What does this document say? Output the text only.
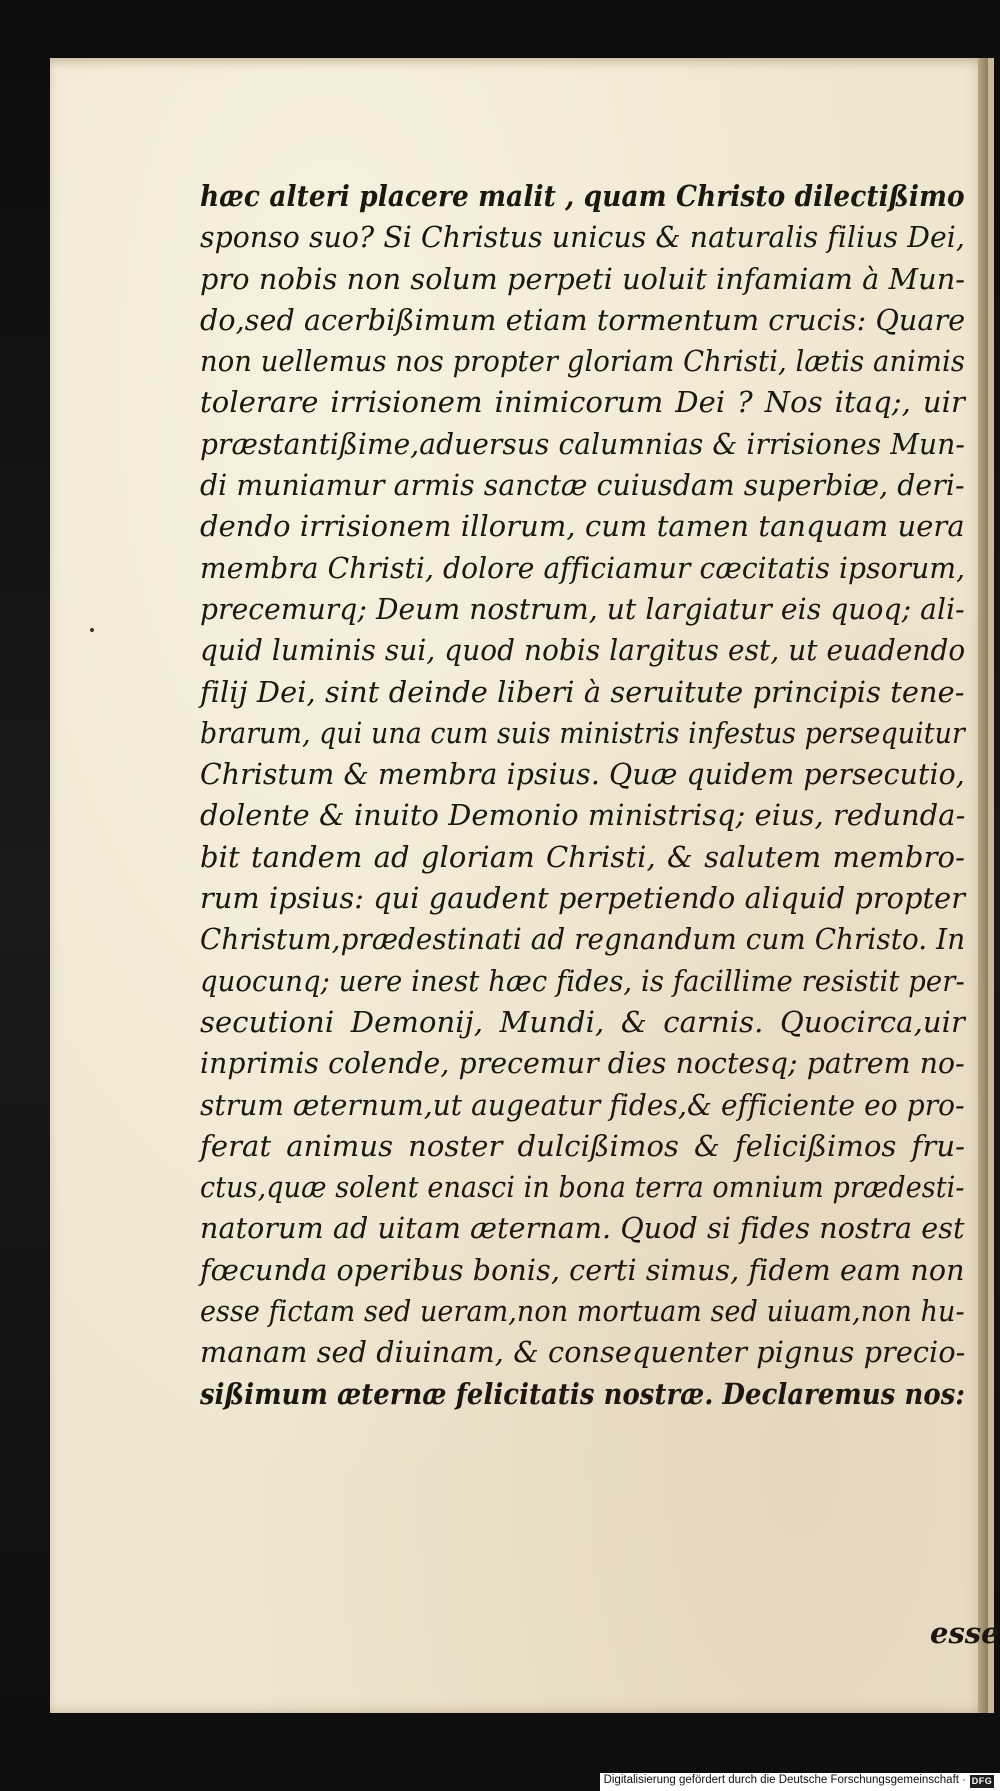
hæc alteri placere malit , quam Christo dilectißimo
sponso suo? Si Christus unicus & naturalis filius Dei,
pro nobis non solum perpeti uoluit infamiam à Mun-
do,sed acerbißimum etiam tormentum crucis: Quare
non uellemus nos propter gloriam Christi, lætis animis
tolerare irrisionem inimicorum Dei ? Nos itaq;, uir
præstantißime,aduersus calumnias & irrisiones Mun-
di muniamur armis sanctæ cuiusdam superbiæ, deri-
dendo irrisionem illorum, cum tamen tanquam uera
membra Christi, dolore afficiamur cæcitatis ipsorum,
precemurq; Deum nostrum, ut largiatur eis quoq; ali-
quid luminis sui, quod nobis largitus est, ut euadendo
filij Dei, sint deinde liberi à seruitute principis tene-
brarum, qui una cum suis ministris infestus persequitur
Christum & membra ipsius. Quæ quidem persecutio,
dolente & inuito Demonio ministrisq; eius, redunda-
bit tandem ad gloriam Christi, & salutem membro-
rum ipsius: qui gaudent perpetiendo aliquid propter
Christum,prædestinati ad regnandum cum Christo. In
quocunq; uere inest hæc fides, is facillime resistit per-
secutioni Demonij, Mundi, & carnis. Quocirca,uir
inprimis colende, precemur dies noctesq; patrem no-
strum æternum,ut augeatur fides,& efficiente eo pro-
ferat animus noster dulcißimos & felicißimos fru-
ctus,quæ solent enasci in bona terra omnium prædesti-
natorum ad uitam æternam. Quod si fides nostra est
fœcunda operibus bonis, certi simus, fidem eam non
esse fictam sed ueram,non mortuam sed uiuam,non hu-
manam sed diuinam, & consequenter pignus precio-
sißimum æternæ felicitatis nostræ. Declaremus nos:
esse
Digitalisierung gefördert durch die Deutsche Forschungsgemeinschaft · DFG
